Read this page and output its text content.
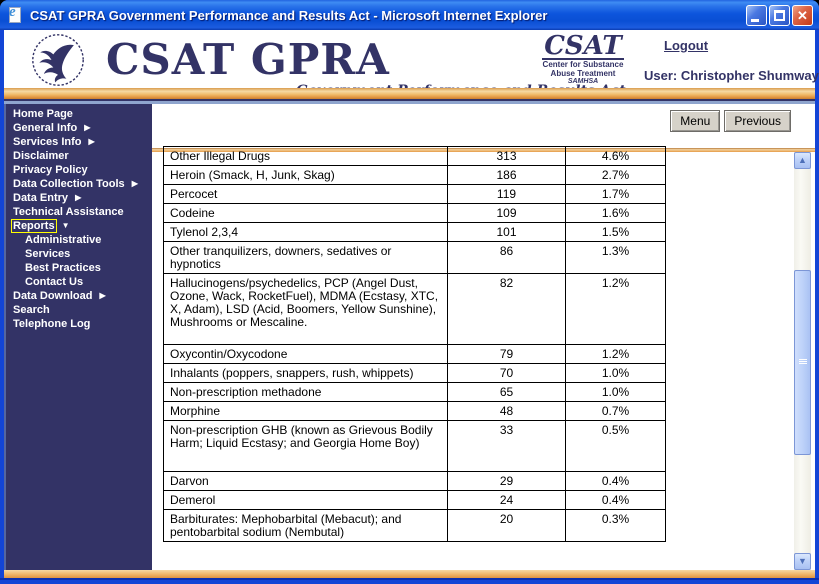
e CSAT GPRA Government Performance and Results Act - Microsoft Internet Explorer	✕
CSAT GPRA	CSAT
Center for Substance
Abuse Treatment
SAMHSA
Logout
User: Christopher Shumway
Home Page
General Info ▶
Services Info ▶
Disclaimer
Privacy Policy
Data Collection Tools ▶
Data Entry ▶
Technical Assistance
Reports ▼
Administrative
Services
Best Practices
Contact Us
Data Download ▶
Search
Telephone Log
Menu	Previous
Other Illegal Drugs	313	4.6%
Heroin (Smack, H, Junk, Skag)	186	2.7%
Percocet	119	1.7%
Codeine	109	1.6%
Tylenol 2,3,4	101	1.5%
Other tranquilizers, downers, sedatives or hypnotics	86	1.3%
Hallucinogens/psychedelics, PCP (Angel Dust, Ozone, Wack, RocketFuel), MDMA (Ecstasy, XTC, X, Adam), LSD (Acid, Boomers, Yellow Sunshine), Mushrooms or Mescaline.	82	1.2%
Oxycontin/Oxycodone	79	1.2%
Inhalants (poppers, snappers, rush, whippets)	70	1.0%
Non-prescription methadone	65	1.0%
Morphine	48	0.7%
Non-prescription GHB (known as Grievous Bodily Harm; Liquid Ecstasy; and Georgia Home Boy)	33	0.5%
Darvon	29	0.4%
Demerol	24	0.4%
Barbiturates: Mephobarbital (Mebacut); and pentobarbital sodium (Nembutal)	20	0.3%
▲
▼
